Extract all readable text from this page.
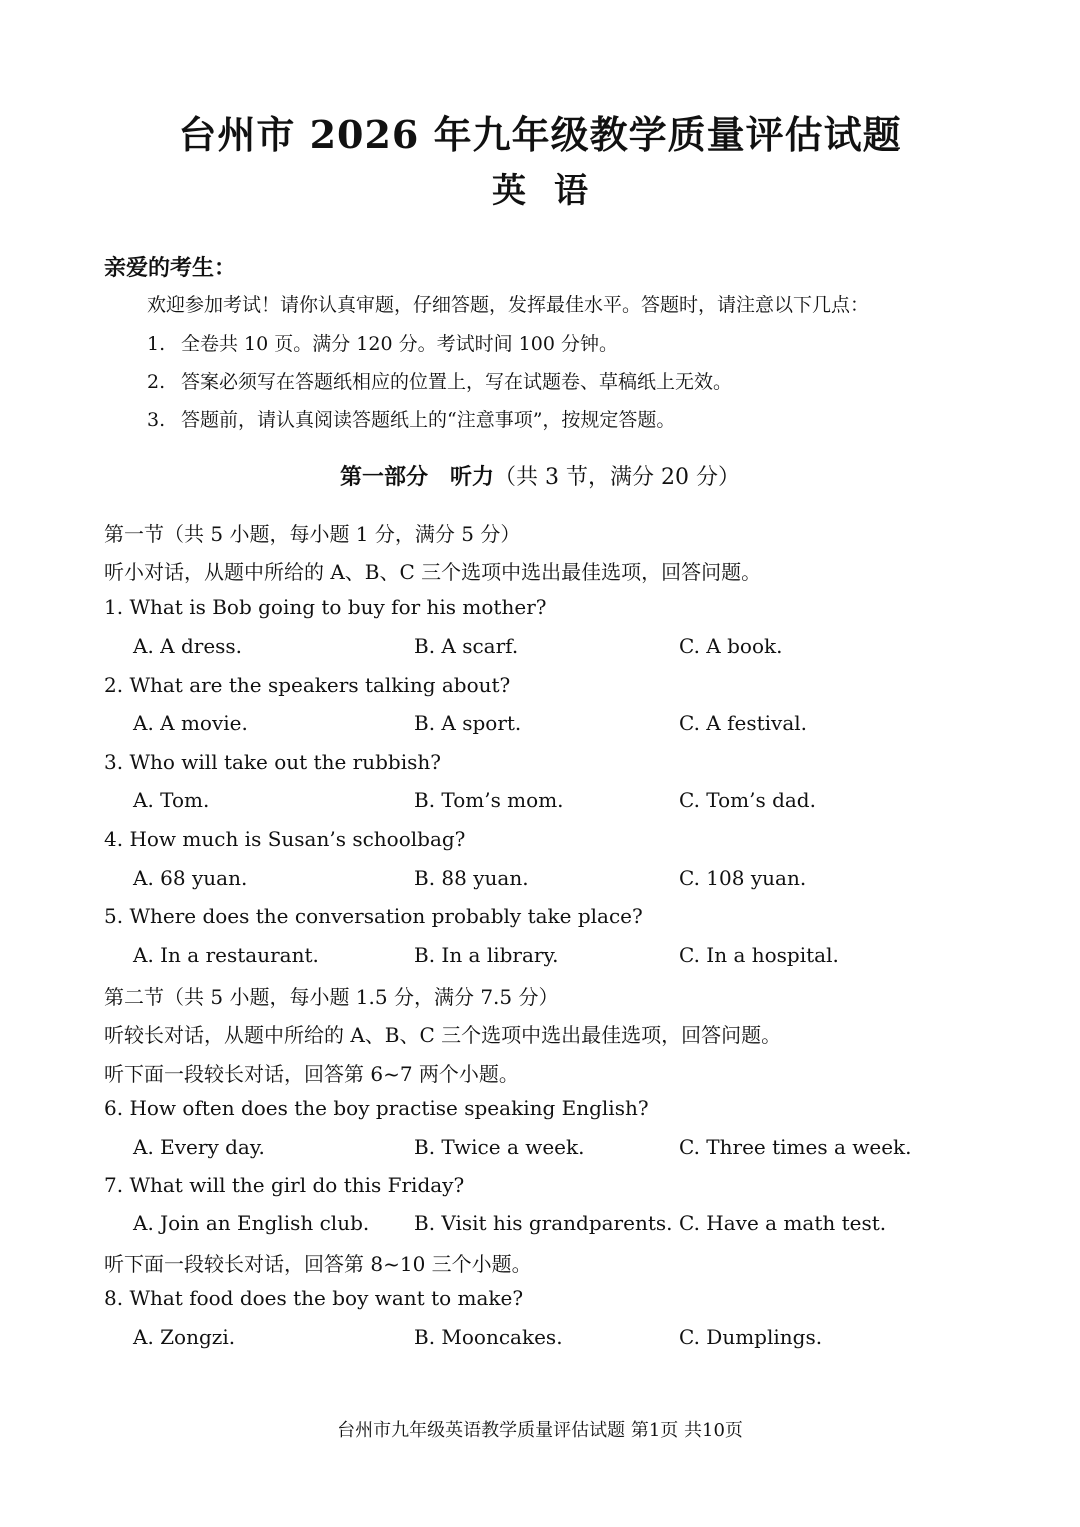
台州市 2026 年九年级教学质量评估试题
英语
亲爱的考生：
欢迎参加考试！请你认真审题，仔细答题，发挥最佳水平。答题时，请注意以下几点：
1. 全卷共 10 页。满分 120 分。考试时间 100 分钟。
2. 答案必须写在答题纸相应的位置上，写在试题卷、草稿纸上无效。
3. 答题前，请认真阅读答题纸上的“注意事项”，按规定答题。
第一部分 听力（共 3 节，满分 20 分）
第一节（共 5 小题，每小题 1 分，满分 5 分）
听小对话，从题中所给的 A、B、C 三个选项中选出最佳选项，回答问题。
1. What is Bob going to buy for his mother?
A. A dress.	B. A scarf.	C. A book.
2. What are the speakers talking about?
A. A movie.	B. A sport.	C. A festival.
3. Who will take out the rubbish?
A. Tom.	B. Tom’s mom.	C. Tom’s dad.
4. How much is Susan’s schoolbag?
A. 68 yuan.	B. 88 yuan.	C. 108 yuan.
5. Where does the conversation probably take place?
A. In a restaurant.	B. In a library.	C. In a hospital.
第二节（共 5 小题，每小题 1.5 分，满分 7.5 分）
听较长对话，从题中所给的 A、B、C 三个选项中选出最佳选项，回答问题。
听下面一段较长对话，回答第 6~7 两个小题。
6. How often does the boy practise speaking English?
A. Every day.	B. Twice a week.	C. Three times a week.
7. What will the girl do this Friday?
A. Join an English club. B. Visit his grandparents. C. Have a math test.
听下面一段较长对话，回答第 8~10 三个小题。
8. What food does the boy want to make?
A. Zongzi.	B. Mooncakes.	C. Dumplings.
台州市九年级英语教学质量评估试题 第1页 共10页
